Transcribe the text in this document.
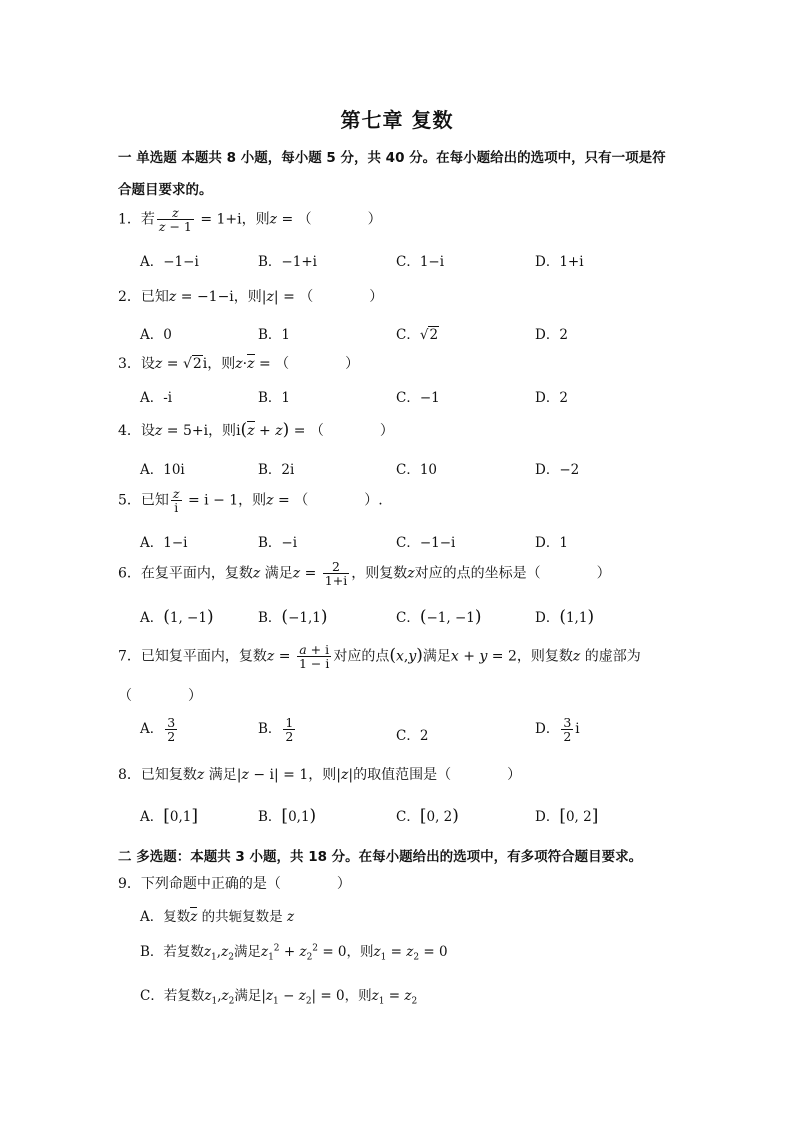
第七章 复数
一 单选题 本题共 8 小题，每小题 5 分，共 40 分。在每小题给出的选项中，只有一项是符
合题目要求的。
1．若 $\frac{z}{z - 1} = 1+i$，则z = （　　　　）
A．−1−i	B．−1+i	C．1−i	D．1+i
2．已知z = −1−i，则|z| = （　　　　）
A．0	B．1	C．√2	D．2
3．设z = √2i，则z·z = （　　　　）
A．-i	B．1	C．−1	D．2
4．设z = 5+i，则i(z + z) = （　　　　）
A．10i	B．2i	C．10	D．−2
5．已知 $\frac{z}{i} = i - 1$，则z = （　　　　）.
A．1−i	B．−i	C．−1−i	D．1
6．在复平面内，复数z 满足$z = \frac{2}{1+i}$ ，则复数z对应的点的坐标是（　　　　）
A．(1, −1)	B．(−1,1)	C．(−1, −1)	D．(1,1)
7．已知复平面内，复数$z = \frac{a + i}{1 - i}$ 对应的点(x,y)满足x + y = 2，则复数z 的虚部为
（　　　　）
A． $\frac{3}{2}$	B． $\frac{1}{2}$	C．2	D． $\frac{3}{2}$ i
8．已知复数z 满足|z − i| = 1，则|z|的取值范围是（　　　　）
A．[0,1]	B．[0,1)	C．[0, 2)	D．[0, 2]
二 多选题：本题共 3 小题，共 18 分。在每小题给出的选项中，有多项符合题目要求。
9．下列命题中正确的是（　　　　）
A．复数z 的共轭复数是 z
B．若复数$z_1,z_2$满足$z_1^2 + z_2^2 = 0$，则$z_1 = z_2 = 0$
C．若复数$z_1,z_2$满足$|z_1 - z_2| = 0$，则$z_1 = z_2$
